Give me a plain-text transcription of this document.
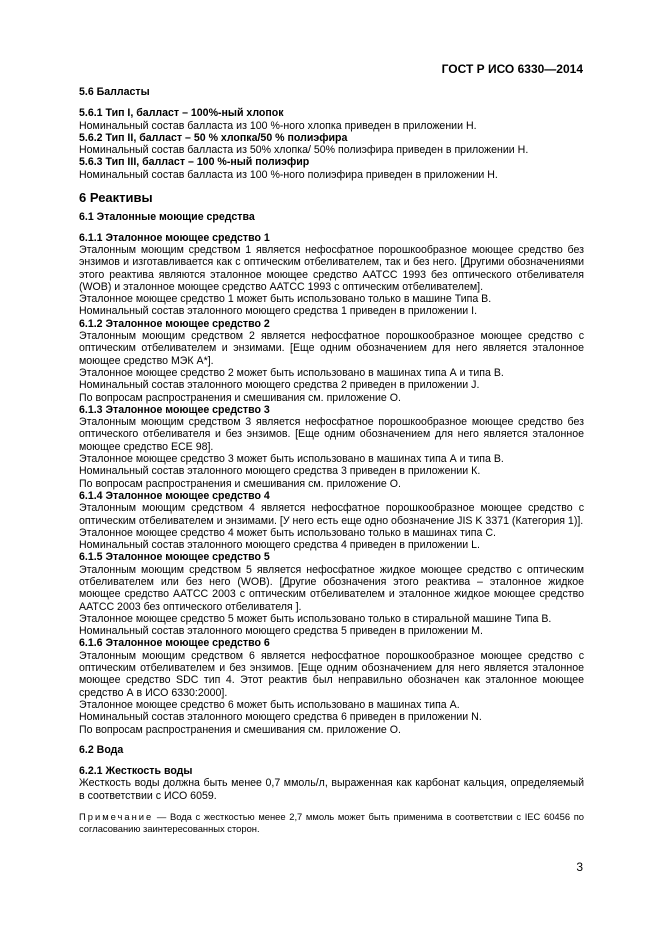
ГОСТ Р ИСО 6330—2014

5.6 Балласты

5.6.1 Тип I, балласт – 100%-ный хлопок

Номинальный состав балласта из 100 %-ного хлопка приведен в приложении H.

5.6.2 Тип II, балласт – 50 % хлопка/50 % полиэфира

Номинальный состав балласта из 50% хлопка/ 50% полиэфира приведен в приложении H.

5.6.3 Тип III, балласт – 100 %-ный полиэфир

Номинальный состав балласта из 100 %-ного полиэфира приведен в приложении H.

6 Реактивы

6.1 Эталонные моющие средства

6.1.1 Эталонное моющее средство 1

Эталонным моющим средством 1 является нефосфатное порошкообразное моющее средство без энзимов и изготавливается как с оптическим отбеливателем, так и без него. [Другими обозначениями этого реактива являются эталонное моющее средство AATCC 1993 без оптического отбеливателя (WOB) и эталонное моющее средство AATCC 1993 с оптическим отбеливателем].

Эталонное моющее средство 1 может быть использовано только в машине Типа В.

Номинальный состав эталонного моющего средства 1 приведен в приложении I.

6.1.2 Эталонное моющее средство 2

Эталонным моющим средством 2 является нефосфатное порошкообразное моющее средство с оптическим отбеливателем и энзимами. [Еще одним обозначением для него является эталонное моющее средство МЭК А*].

Эталонное моющее средство 2 может быть использовано в машинах типа А и типа В.

Номинальный состав эталонного моющего средства 2 приведен в приложении J.

По вопросам распространения и смешивания см. приложение О.

6.1.3 Эталонное моющее средство 3

Эталонным моющим средством 3 является нефосфатное порошкообразное моющее средство без оптического отбеливателя и без энзимов. [Еще одним обозначением для него является эталонное моющее средство ЕСЕ 98].

Эталонное моющее средство 3 может быть использовано в машинах типа А и типа В.

Номинальный состав эталонного моющего средства 3 приведен в приложении К.

По вопросам распространения и смешивания см. приложение О.

6.1.4 Эталонное моющее средство 4

Эталонным моющим средством 4 является нефосфатное порошкообразное моющее средство с оптическим отбеливателем и энзимами. [У него есть еще одно обозначение JIS K 3371 (Категория 1)].

Эталонное моющее средство 4 может быть использовано только в машинах типа С.

Номинальный состав эталонного моющего средства 4 приведен в приложении L.

6.1.5 Эталонное моющее средство 5

Эталонным моющим средством 5 является нефосфатное жидкое моющее средство с оптическим отбеливателем или без него (WOB). [Другие обозначения этого реактива – эталонное жидкое моющее средство AATCC 2003 с оптическим отбеливателем и эталонное жидкое моющее средство AATCC 2003 без оптического отбеливателя ].

Эталонное моющее средство 5 может быть использовано только в стиральной машине Типа В.

Номинальный состав эталонного моющего средства 5 приведен в приложении М.

6.1.6 Эталонное моющее средство 6

Эталонным моющим средством 6 является нефосфатное порошкообразное моющее средство с оптическим отбеливателем и без энзимов. [Еще одним обозначением для него является эталонное моющее средство SDC тип 4. Этот реактив был неправильно обозначен как эталонное моющее средство А в ИСО 6330:2000].

Эталонное моющее средство 6 может быть использовано в машинах типа А.

Номинальный состав эталонного моющего средства 6 приведен в приложении N.

По вопросам распространения и смешивания см. приложение О.

6.2 Вода

6.2.1 Жесткость воды

Жесткость воды должна быть менее 0,7 ммоль/л, выраженная как карбонат кальция, определяемый в соответствии с ИСО 6059.

Примечание — Вода с жесткостью менее 2,7 ммоль может быть применима в соответствии с IEC 60456 по согласованию заинтересованных сторон.

3
